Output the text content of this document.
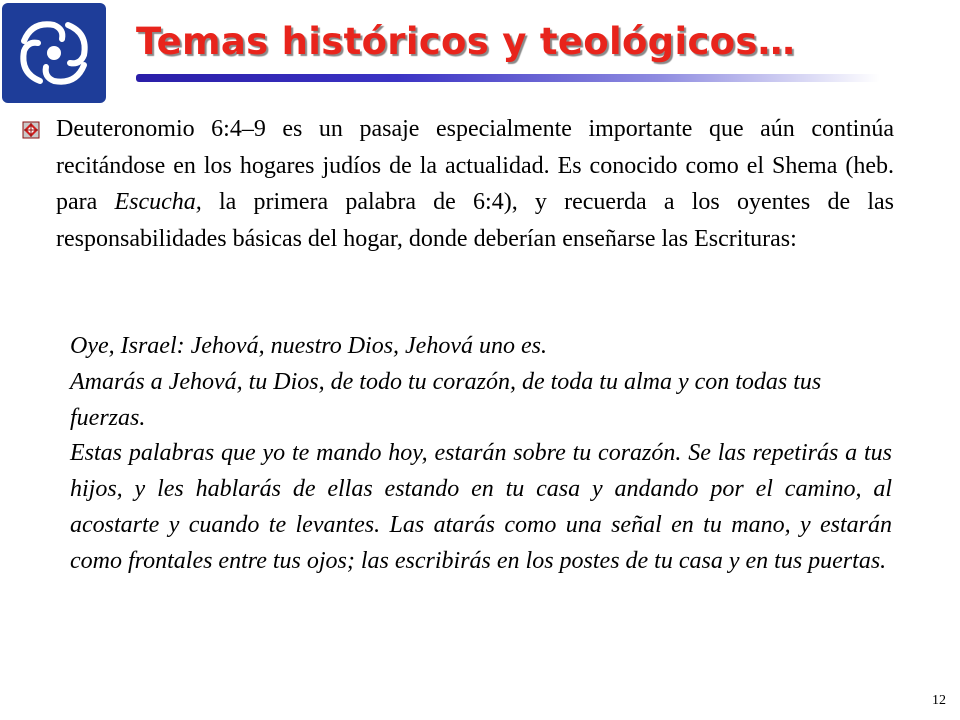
Temas históricos y teológicos…
Deuteronomio 6:4–9 es un pasaje especialmente importante que aún continúa recitándose en los hogares judíos de la actualidad. Es conocido como el Shema (heb. para Escucha, la primera palabra de 6:4), y recuerda a los oyentes de las responsabilidades básicas del hogar, donde deberían enseñarse las Escrituras:

Oye, Israel: Jehová, nuestro Dios, Jehová uno es.

Amarás a Jehová, tu Dios, de todo tu corazón, de toda tu alma y con todas tus fuerzas.

Estas palabras que yo te mando hoy, estarán sobre tu corazón. Se las repetirás a tus hijos, y les hablarás de ellas estando en tu casa y andando por el camino, al acostarte y cuando te levantes. Las atarás como una señal en tu mano, y estarán como frontales entre tus ojos; las escribirás en los postes de tu casa y en tus puertas.

12
